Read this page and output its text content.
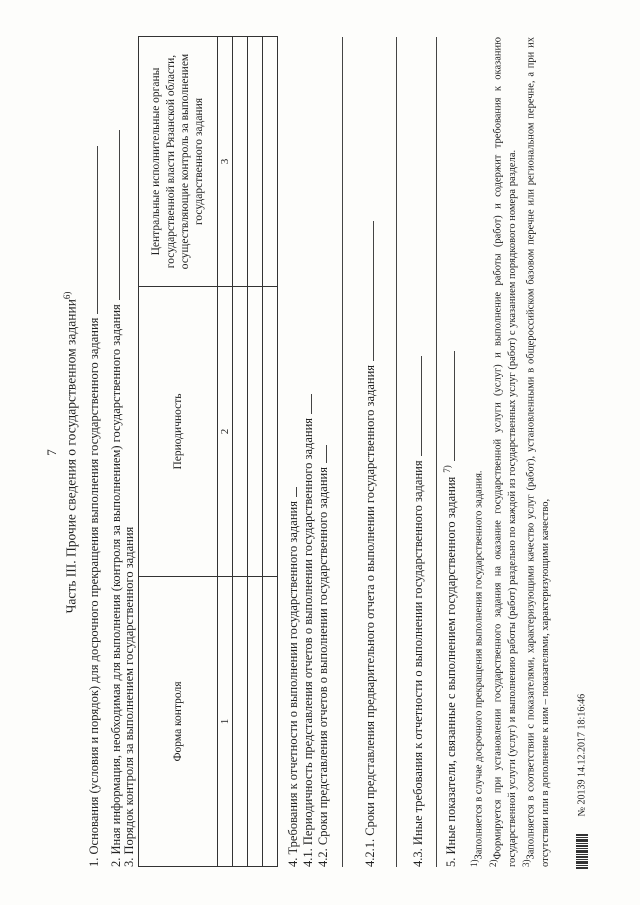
7 Часть III. Прочие сведения о государственном задании$^{6)}$
1. Основания (условия и порядок) для досрочного прекращения выполнения государственного задания 2. Иная информация, необходимая для выполнения (контроля за выполнением) государственного задания 3. Порядок контроля за выполнением государственного задания	Форма контроля	Периодичность	Центральные исполнительные органы государственной власти Рязанской области, осуществляющие контроль за выполнением государственного задания
1	2	3

4. Требования к отчетности о выполнении государственного задания 4.1. Периодичность представления отчетов о выполнении государственного задания 4.2. Сроки представления отчетов о выполнении государственного задания	4.2.1. Сроки представления предварительного отчета о выполнении государственного задания	4.3. Иные требования к отчетности о выполнении государственного задания 5. Иные показатели, связанные с выполнением государственного задания$^{7)}$

1)Заполняется в случае досрочного прекращения выполнения государственного задания.

2)Формируется при установлении государственного задания на оказание государственной услуги (услуг) и выполнение работы (работ) и содержит требования к оказанию государственной услуги (услуг) и выполнению работы (работ) раздельно по каждой из государственных услуг (работ) с указанием порядкового номера раздела. 3)Заполняется в соответствии с показателями, характеризующими качество услуг (работ), установленными в общероссийском базовом перечне или региональном перечне, а при их отсутствии или в дополнение к ним – показателями, характеризующими качество, № 20139 14.12.2017 18:16:46
